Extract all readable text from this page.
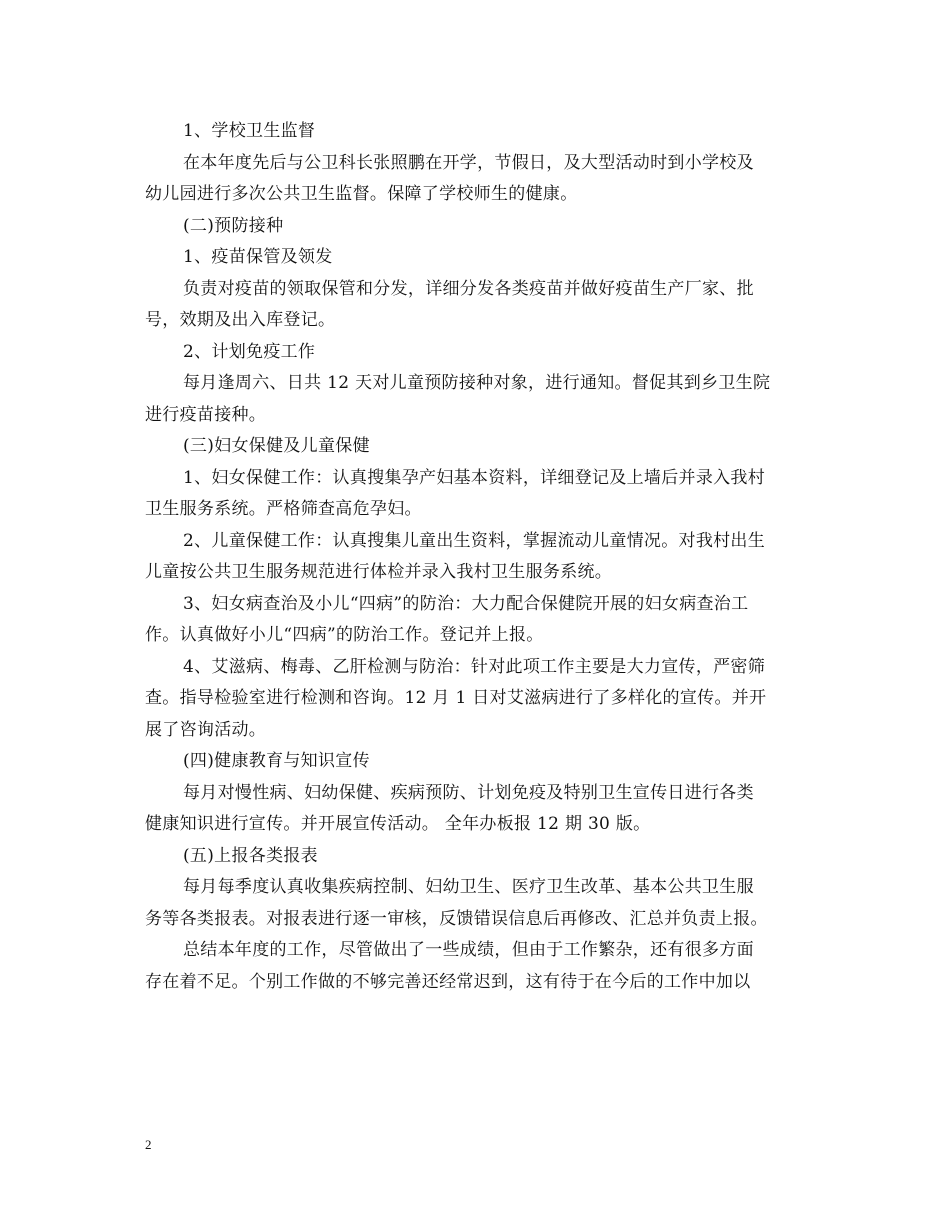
1、学校卫生监督
在本年度先后与公卫科长张照鹏在开学，节假日，及大型活动时到小学校及
幼儿园进行多次公共卫生监督。保障了学校师生的健康。
(二)预防接种
1、疫苗保管及领发
负责对疫苗的领取保管和分发，详细分发各类疫苗并做好疫苗生产厂家、批
号，效期及出入库登记。
2、计划免疫工作
每月逢周六、日共 12 天对儿童预防接种对象，进行通知。督促其到乡卫生院
进行疫苗接种。
(三)妇女保健及儿童保健
1、妇女保健工作：认真搜集孕产妇基本资料，详细登记及上墙后并录入我村
卫生服务系统。严格筛查高危孕妇。
2、儿童保健工作：认真搜集儿童出生资料，掌握流动儿童情况。对我村出生
儿童按公共卫生服务规范进行体检并录入我村卫生服务系统。
3、妇女病查治及小儿“四病”的防治：大力配合保健院开展的妇女病查治工
作。认真做好小儿“四病”的防治工作。登记并上报。
4、艾滋病、梅毒、乙肝检测与防治：针对此项工作主要是大力宣传，严密筛
查。指导检验室进行检测和咨询。12 月 1 日对艾滋病进行了多样化的宣传。并开
展了咨询活动。
(四)健康教育与知识宣传
每月对慢性病、妇幼保健、疾病预防、计划免疫及特别卫生宣传日进行各类
健康知识进行宣传。并开展宣传活动。 全年办板报 12 期 30 版。
(五)上报各类报表
每月每季度认真收集疾病控制、妇幼卫生、医疗卫生改革、基本公共卫生服
务等各类报表。对报表进行逐一审核，反馈错误信息后再修改、汇总并负责上报。
总结本年度的工作，尽管做出了一些成绩，但由于工作繁杂，还有很多方面
存在着不足。个别工作做的不够完善还经常迟到，这有待于在今后的工作中加以
2
